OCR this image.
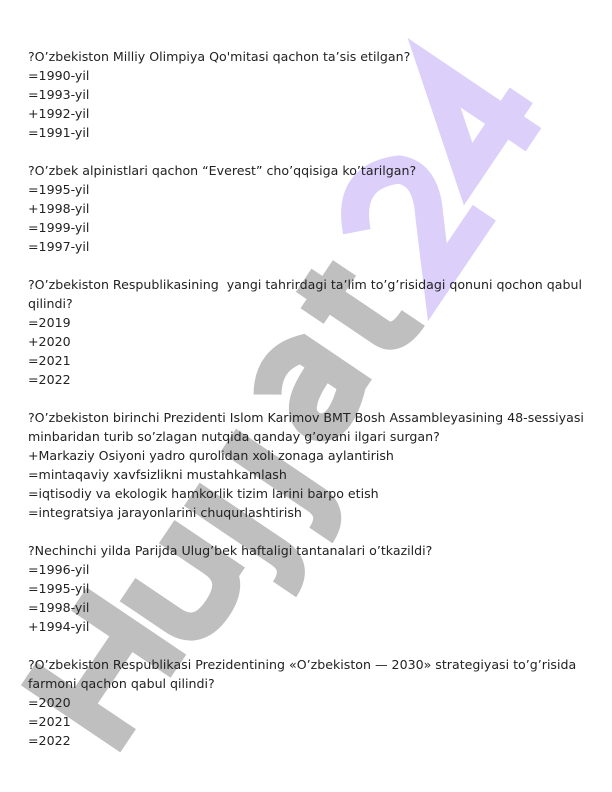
?O’zbekiston Milliy Olimpiya Qo'mitasi qachon ta’sis etilgan?
=1990-yil
=1993-yil
+1992-yil
=1991-yil
?O’zbek alpinistlari qachon “Everest” cho’qqisiga ko’tarilgan?
=1995-yil
+1998-yil
=1999-yil
=1997-yil
?O’zbekiston Respublikasining  yangi tahrirdagi ta’lim to’g’risidagi qonuni qochon qabul qilindi?
=2019
+2020
=2021
=2022
?O’zbekiston birinchi Prezidenti Islom Karimov BMT Bosh Assambleyasining 48-sessiyasi minbaridan turib so’zlagan nutqida qanday g’oyani ilgari surgan?
+Markaziy Osiyoni yadro qurolidan xoli zonaga aylantirish
=mintaqaviy xavfsizlikni mustahkamlash
=iqtisodiy va ekologik hamkorlik tizim larini barpo etish
=integratsiya jarayonlarini chuqurlashtirish
?Nechinchi yilda Parijda Ulug’bek haftaligi tantanalari o’tkazildi?
=1996-yil
=1995-yil
=1998-yil
+1994-yil
?O’zbekiston Respublikasi Prezidentining «O’zbekiston — 2030» strategiyasi to’g’risida farmoni qachon qabul qilindi?
=2020
=2021
=2022
